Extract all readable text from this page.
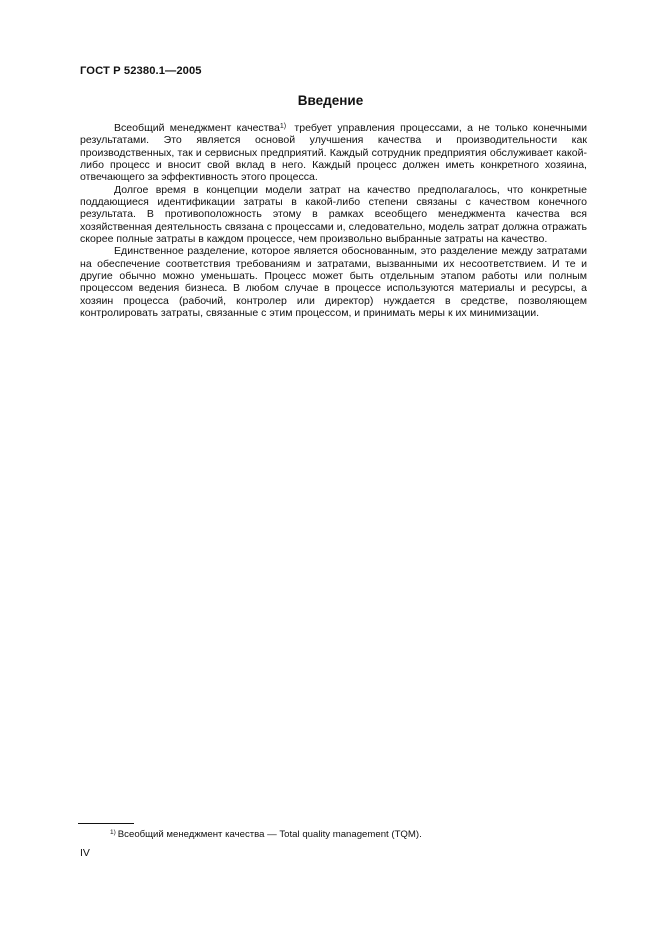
ГОСТ Р 52380.1—2005
Введение

Всеобщий менеджмент качества$^{1)}$ требует управления процессами, а не только конечными результатами. Это является основой улучшения качества и производительности как производственных, так и сервисных предприятий. Каждый сотрудник предприятия обслуживает какой-либо процесс и вносит свой вклад в него. Каждый процесс должен иметь конкретного хозяина, отвечающего за эффективность этого процесса.

Долгое время в концепции модели затрат на качество предполагалось, что конкретные поддающиеся идентификации затраты в какой-либо степени связаны с качеством конечного результата. В противоположность этому в рамках всеобщего менеджмента качества вся хозяйственная деятельность связана с процессами и, следовательно, модель затрат должна отражать скорее полные затраты в каждом процессе, чем произвольно выбранные затраты на качество.

Единственное разделение, которое является обоснованным, это разделение между затратами на обеспечение соответствия требованиям и затратами, вызванными их несоответствием. И те и другие обычно можно уменьшать. Процесс может быть отдельным этапом работы или полным процессом ведения бизнеса. В любом случае в процессе используются материалы и ресурсы, а хозяин процесса (рабочий, контролер или директор) нуждается в средстве, позволяющем контролировать затраты, связанные с этим процессом, и принимать меры к их минимизации.

$^{1)}$ Всеобщий менеджмент качества — Total quality management (TQM).
IV
